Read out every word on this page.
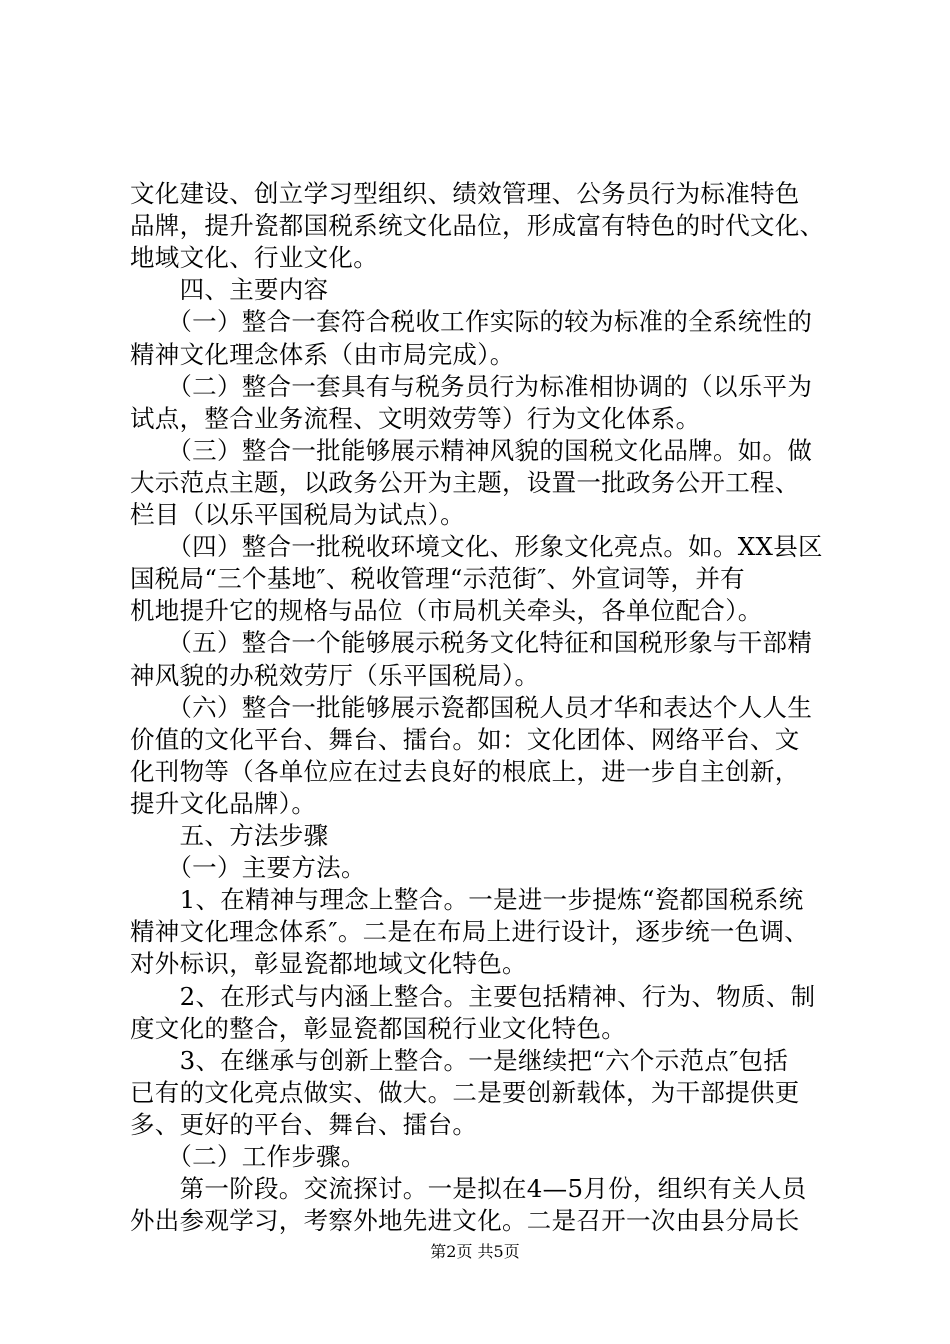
文化建设、创立学习型组织、绩效管理、公务员行为标准特色
品牌，提升瓷都国税系统文化品位，形成富有特色的时代文化、
地域文化、行业文化。
　　四、主要内容
　　（一）整合一套符合税收工作实际的较为标准的全系统性的
精神文化理念体系（由市局完成）。
　　（二）整合一套具有与税务员行为标准相协调的（以乐平为
试点，整合业务流程、文明效劳等）行为文化体系。
　　（三）整合一批能够展示精神风貌的国税文化品牌。如。做
大示范点主题，以政务公开为主题，设置一批政务公开工程、
栏目（以乐平国税局为试点）。
　　（四）整合一批税收环境文化、形象文化亮点。如。XX县区
国税局“三个基地″、税收管理“示范街″、外宣词等，并有
机地提升它的规格与品位（市局机关牵头，各单位配合）。
　　（五）整合一个能够展示税务文化特征和国税形象与干部精
神风貌的办税效劳厅（乐平国税局）。
　　（六）整合一批能够展示瓷都国税人员才华和表达个人人生
价值的文化平台、舞台、擂台。如：文化团体、网络平台、文
化刊物等（各单位应在过去良好的根底上，进一步自主创新，
提升文化品牌）。
　　五、方法步骤
　　（一）主要方法。
　　1、在精神与理念上整合。一是进一步提炼“瓷都国税系统
精神文化理念体系″。二是在布局上进行设计，逐步统一色调、
对外标识，彰显瓷都地域文化特色。
　　2、在形式与内涵上整合。主要包括精神、行为、物质、制
度文化的整合，彰显瓷都国税行业文化特色。
　　3、在继承与创新上整合。一是继续把“六个示范点″包括
已有的文化亮点做实、做大。二是要创新载体，为干部提供更
多、更好的平台、舞台、擂台。
　　（二）工作步骤。
　　第一阶段。交流探讨。一是拟在4—5月份，组织有关人员
外出参观学习，考察外地先进文化。二是召开一次由县分局长
第2页 共5页
